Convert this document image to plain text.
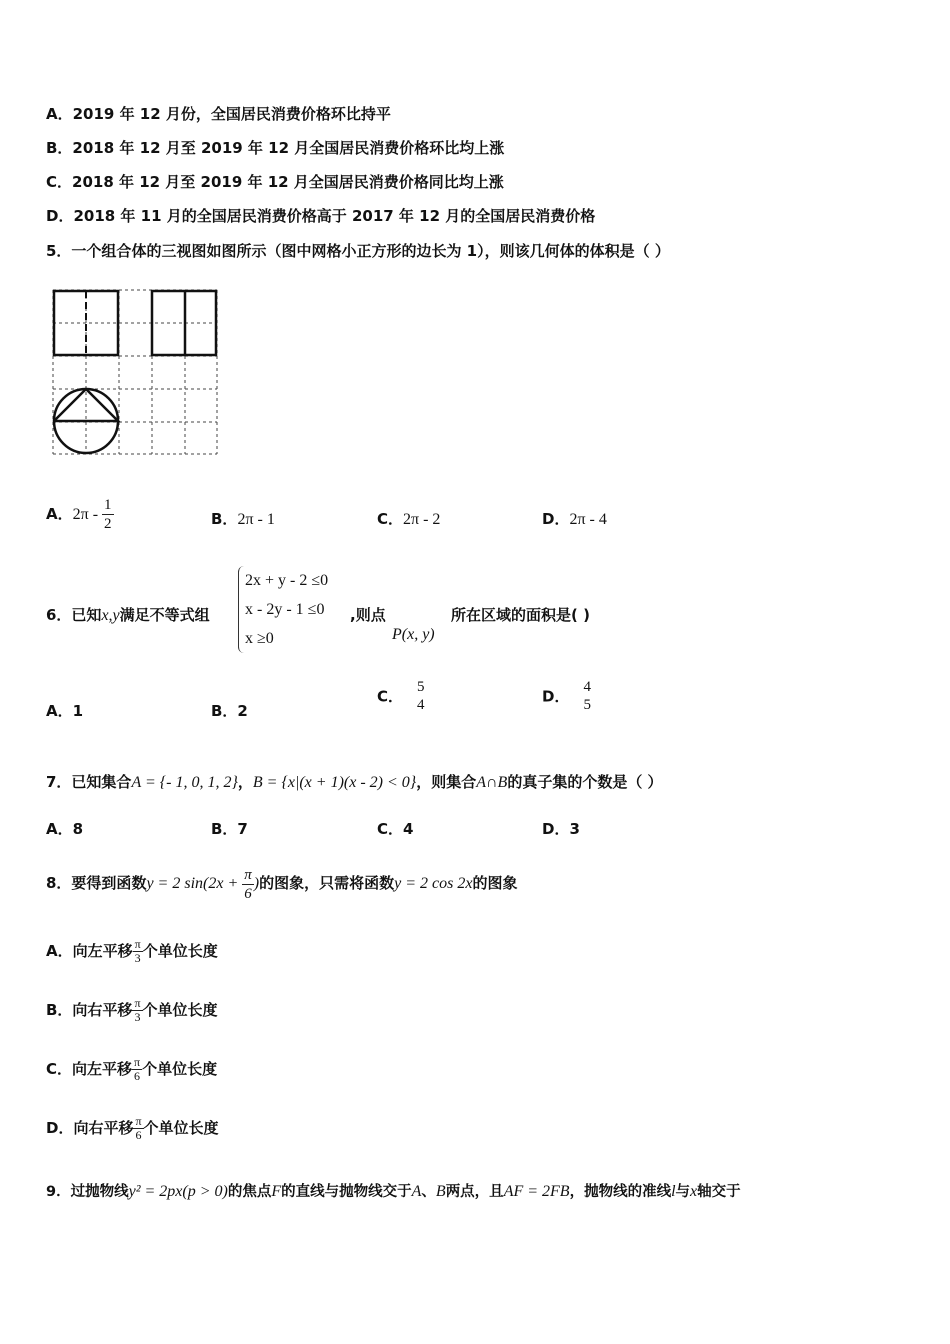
A．2019 年 12 月份，全国居民消费价格环比持平
B．2018 年 12 月至 2019 年 12 月全国居民消费价格环比均上涨
C．2018 年 12 月至 2019 年 12 月全国居民消费价格同比均上涨
D．2018 年 11 月的全国居民消费价格高于 2017 年 12 月的全国居民消费价格
5．一个组合体的三视图如图所示（图中网格小正方形的边长为 1），则该几何体的体积是（ ）
A．$2\pi - \frac{1}{2}$	B．2π - 1	C．2π - 2	D．2π - 4
6．已知x,y满足不等式组
2x + y - 2 ≤0
x - 2y - 1 ≤0
x ≥0
,则点
P(x, y)
所在区域的面积是( )
A．1	B．2
C．
5
4	D．
4
5
7．已知集合A = {- 1, 0, 1, 2}，B = {x|(x + 1)(x - 2) < 0}，则集合A∩B的真子集的个数是（ ）
A．8	B．7	C．4	D．3
8．要得到函数y = 2 $\sin(2x + \frac{\pi}{6}$ )的图象，只需将函数y = 2 cos 2x的图象
A．向左平移 $\frac{\pi}{3}$ 个单位长度
B．向右平移 $\frac{\pi}{3}$ 个单位长度
C．向左平移 $\frac{\pi}{6}$ 个单位长度
D．向右平移 $\frac{\pi}{6}$ 个单位长度
9．过抛物线y² = 2px(p > 0)的焦点F的直线与抛物线交于A、B两点，且AF = 2FB，抛物线的准线l与x轴交于
